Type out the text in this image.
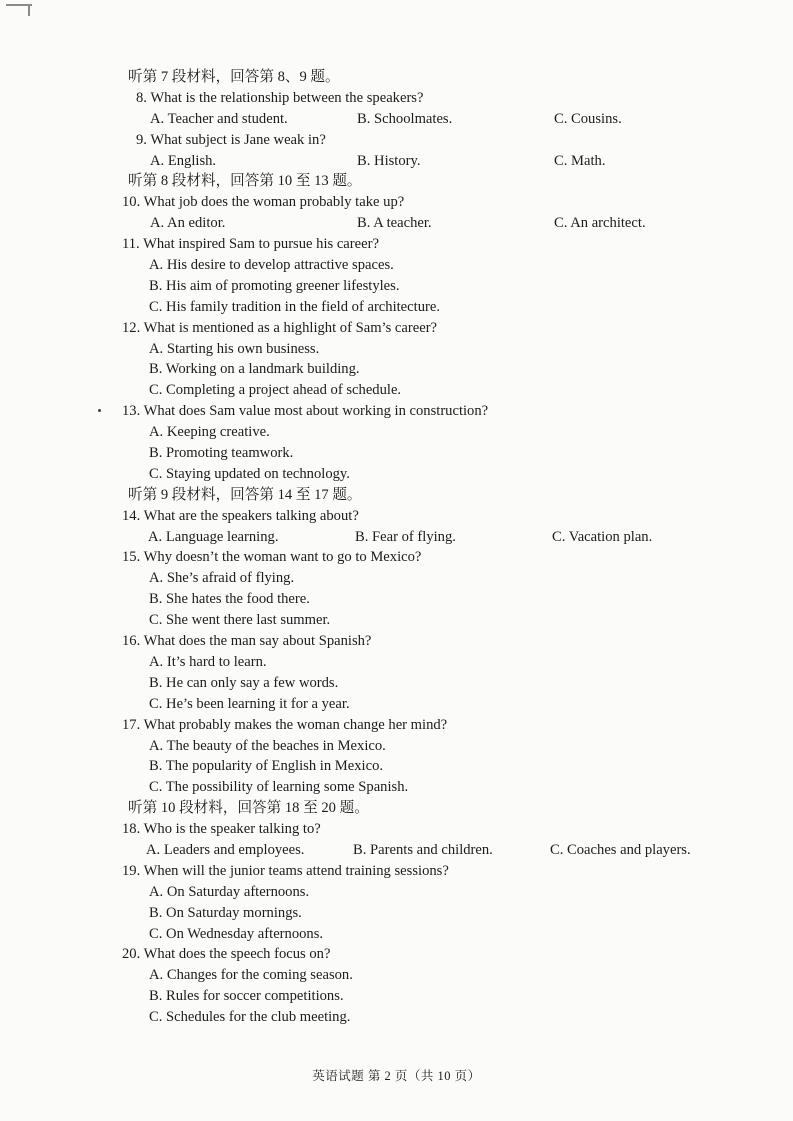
听第 7 段材料，回答第 8、9 题。
8. What is the relationship between the speakers?
A. Teacher and student.	B. Schoolmates.	C. Cousins.
9. What subject is Jane weak in?
A. English.	B. History.	C. Math.
听第 8 段材料，回答第 10 至 13 题。
10. What job does the woman probably take up?
A. An editor.	B. A teacher.	C. An architect.
11. What inspired Sam to pursue his career?
A. His desire to develop attractive spaces.
B. His aim of promoting greener lifestyles.
C. His family tradition in the field of architecture.
12. What is mentioned as a highlight of Sam’s career?
A. Starting his own business.
B. Working on a landmark building.
C. Completing a project ahead of schedule.
13. What does Sam value most about working in construction?
A. Keeping creative.
B. Promoting teamwork.
C. Staying updated on technology.
听第 9 段材料，回答第 14 至 17 题。
14. What are the speakers talking about?
A. Language learning.	B. Fear of flying.	C. Vacation plan.
15. Why doesn’t the woman want to go to Mexico?
A. She’s afraid of flying.
B. She hates the food there.
C. She went there last summer.
16. What does the man say about Spanish?
A. It’s hard to learn.
B. He can only say a few words.
C. He’s been learning it for a year.
17. What probably makes the woman change her mind?
A. The beauty of the beaches in Mexico.
B. The popularity of English in Mexico.
C. The possibility of learning some Spanish.
听第 10 段材料，回答第 18 至 20 题。
18. Who is the speaker talking to?
A. Leaders and employees.	B. Parents and children.	C. Coaches and players.
19. When will the junior teams attend training sessions?
A. On Saturday afternoons.
B. On Saturday mornings.
C. On Wednesday afternoons.
20. What does the speech focus on?
A. Changes for the coming season.
B. Rules for soccer competitions.
C. Schedules for the club meeting.
英语试题 第 2 页（共 10 页）
